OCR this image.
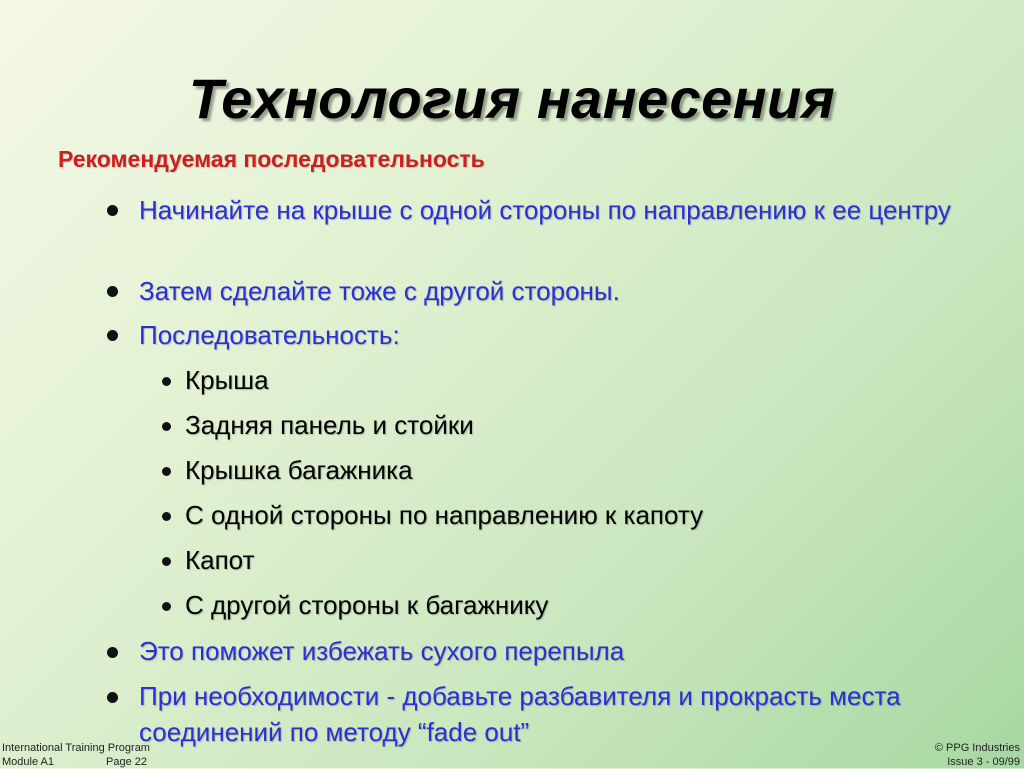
Технология нанесения
Рекомендуемая последовательность
Начинайте на крыше с одной стороны по направлению к ее центру
Затем сделайте тоже с другой стороны.
Последовательность:
Крыша
Задняя панель и стойки
Крышка багажника
С одной стороны по направлению к капоту
Капот
С другой стороны к багажнику
Это поможет избежать сухого перепыла
При необходимости - добавьте разбавителя и прокрасть места соединений по методу “fade out”
International Training Program
Module A1	Page 22
© PPG Industries
Issue 3 - 09/99
